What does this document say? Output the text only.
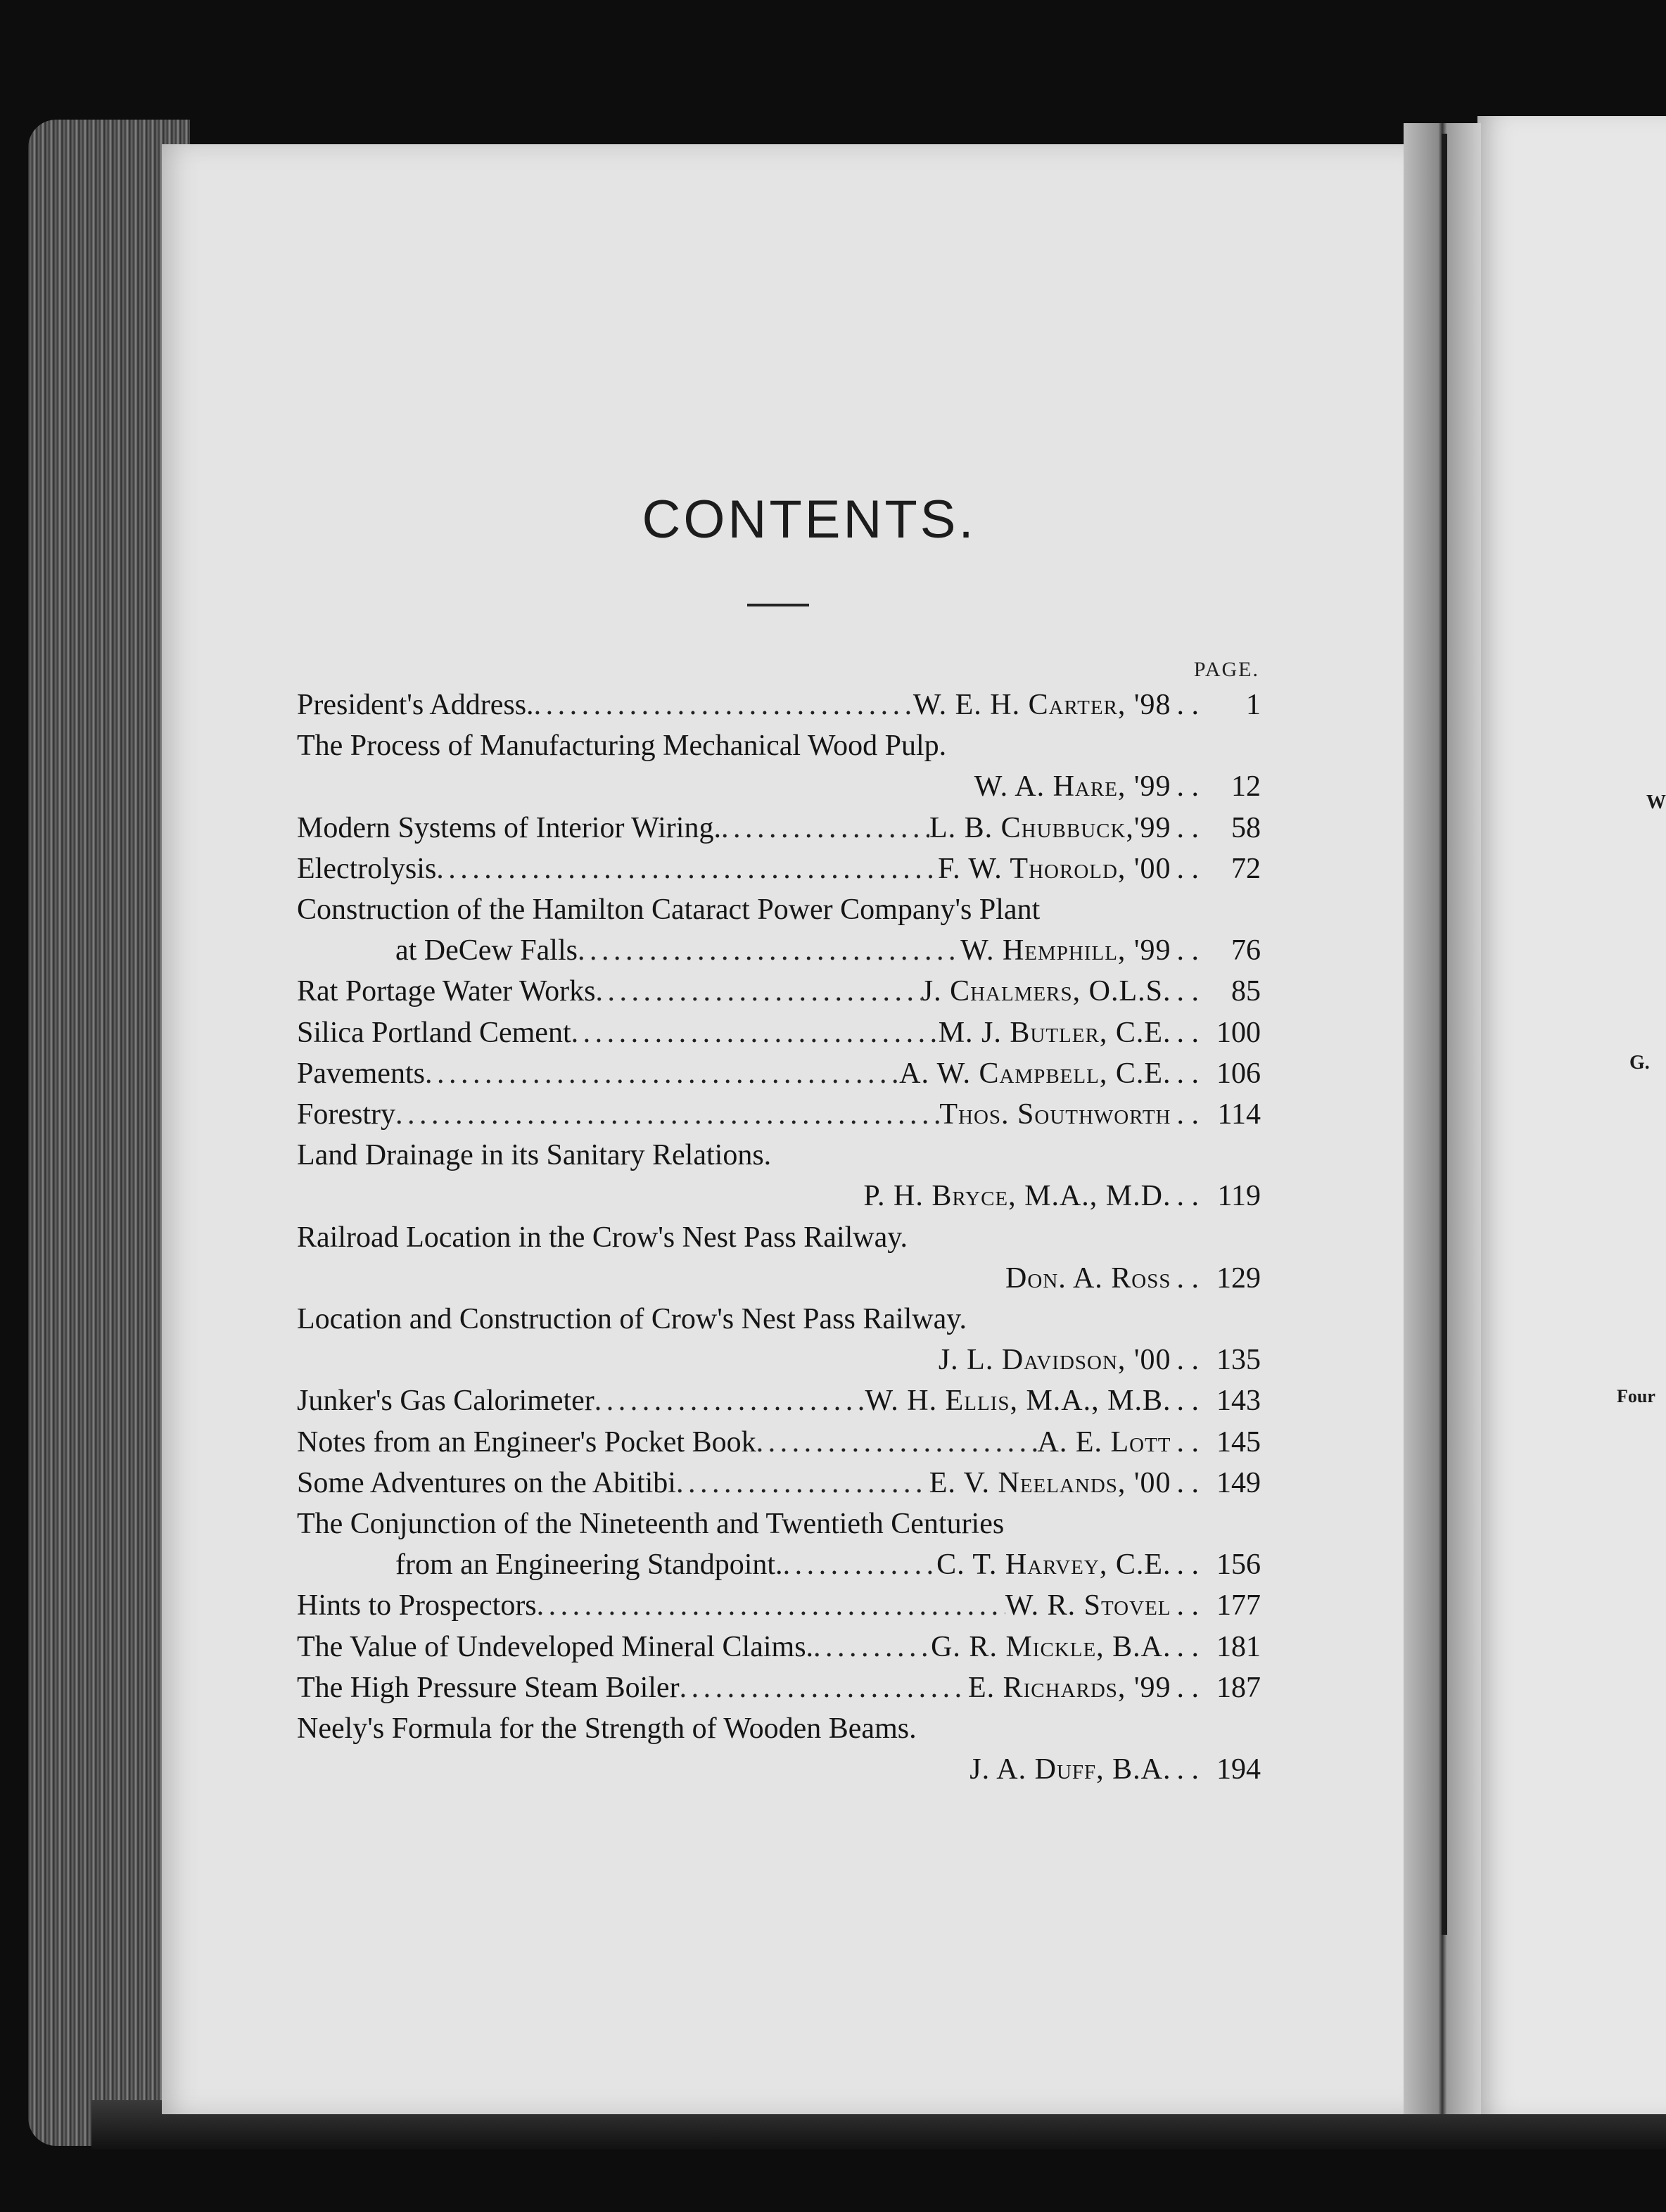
W
G.
Four
CONTENTS.
PAGE.
President's Address. . . .	W. E. H. Carter, '98 . .	1
The Process of Manufacturing Mechanical Wood Pulp.
W. A. Hare, '99 . .	12
Modern Systems of Interior Wiring. . . .	L. B. Chubbuck,'99 . .	58
Electrolysis . . .	F. W. Thorold, '00 . .	72
Construction of the Hamilton Cataract Power Company's Plant
at DeCew Falls . . .	W. Hemphill, '99 . .	76
Rat Portage Water Works . . .	J. Chalmers, O.L.S. . .	85
Silica Portland Cement . . .	M. J. Butler, C.E. . . 100
Pavements . . .	A. W. Campbell, C.E. . . 106
Forestry . . .	Thos. Southworth . . 114
Land Drainage in its Sanitary Relations.
P. H. Bryce, M.A., M.D. . . 119
Railroad Location in the Crow's Nest Pass Railway.
Don. A. Ross . . 129
Location and Construction of Crow's Nest Pass Railway.
J. L. Davidson, '00 . . 135
Junker's Gas Calorimeter . . .	W. H. Ellis, M.A., M.B. . . 143
Notes from an Engineer's Pocket Book . . .	A. E. Lott . . 145
Some Adventures on the Abitibi . . .	E. V. Neelands, '00 . . 149
The Conjunction of the Nineteenth and Twentieth Centuries
from an Engineering Standpoint. . . .	C. T. Harvey, C.E. . . 156
Hints to Prospectors . . .	W. R. Stovel . . 177
The Value of Undeveloped Mineral Claims. . . .	G. R. Mickle, B.A. . . 181
The High Pressure Steam Boiler . . .	E. Richards, '99 . . 187
Neely's Formula for the Strength of Wooden Beams.
J. A. Duff, B.A. . . 194
